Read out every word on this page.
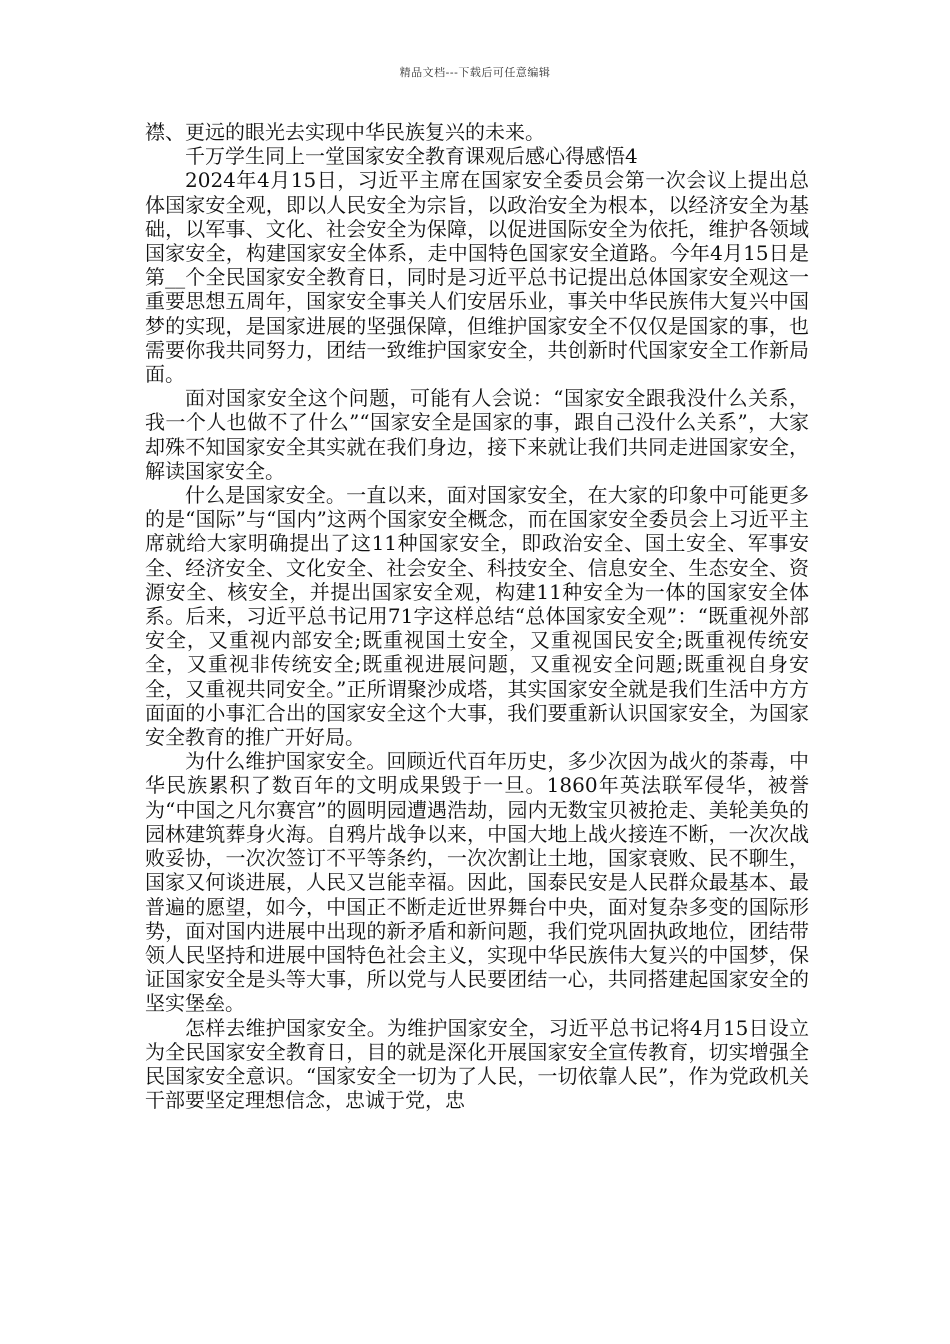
精品文档---下载后可任意编辑

襟、更远的眼光去实现中华民族复兴的未来。

千万学生同上一堂国家安全教育课观后感心得感悟4

2024年4月15日，习近平主席在国家安全委员会第一次会议上提出总体国家安全观，即以人民安全为宗旨，以政治安全为根本，以经济安全为基础，以军事、文化、社会安全为保障，以促进国际安全为依托，维护各领域国家安全，构建国家安全体系，走中国特色国家安全道路。今年4月15日是第__个全民国家安全教育日，同时是习近平总书记提出总体国家安全观这一重要思想五周年，国家安全事关人们安居乐业，事关中华民族伟大复兴中国梦的实现，是国家进展的坚强保障，但维护国家安全不仅仅是国家的事，也需要你我共同努力，团结一致维护国家安全，共创新时代国家安全工作新局面。

面对国家安全这个问题，可能有人会说：“国家安全跟我没什么关系，我一个人也做不了什么”“国家安全是国家的事，跟自己没什么关系”，大家却殊不知国家安全其实就在我们身边，接下来就让我们共同走进国家安全，解读国家安全。

什么是国家安全。一直以来，面对国家安全，在大家的印象中可能更多的是“国际”与“国内”这两个国家安全概念，而在国家安全委员会上习近平主席就给大家明确提出了这11种国家安全，即政治安全、国土安全、军事安全、经济安全、文化安全、社会安全、科技安全、信息安全、生态安全、资源安全、核安全，并提出国家安全观，构建11种安全为一体的国家安全体系。后来，习近平总书记用71字这样总结“总体国家安全观”：“既重视外部安全，又重视内部安全;既重视国土安全，又重视国民安全;既重视传统安全，又重视非传统安全;既重视进展问题，又重视安全问题;既重视自身安全，又重视共同安全。”正所谓聚沙成塔，其实国家安全就是我们生活中方方面面的小事汇合出的国家安全这个大事，我们要重新认识国家安全，为国家安全教育的推广开好局。

为什么维护国家安全。回顾近代百年历史，多少次因为战火的荼毒，中华民族累积了数百年的文明成果毁于一旦。1860年英法联军侵华，被誉为“中国之凡尔赛宫”的圆明园遭遇浩劫，园内无数宝贝被抢走、美轮美奂的园林建筑葬身火海。自鸦片战争以来，中国大地上战火接连不断，一次次战败妥协，一次次签订不平等条约，一次次割让土地，国家衰败、民不聊生，国家又何谈进展，人民又岂能幸福。因此，国泰民安是人民群众最基本、最普遍的愿望，如今，中国正不断走近世界舞台中央，面对复杂多变的国际形势，面对国内进展中出现的新矛盾和新问题，我们党巩固执政地位，团结带领人民坚持和进展中国特色社会主义，实现中华民族伟大复兴的中国梦，保证国家安全是头等大事，所以党与人民要团结一心，共同搭建起国家安全的坚实堡垒。

怎样去维护国家安全。为维护国家安全，习近平总书记将4月15日设立为全民国家安全教育日，目的就是深化开展国家安全宣传教育，切实增强全民国家安全意识。“国家安全一切为了人民，一切依靠人民”，作为党政机关干部要坚定理想信念，忠诚于党，忠
